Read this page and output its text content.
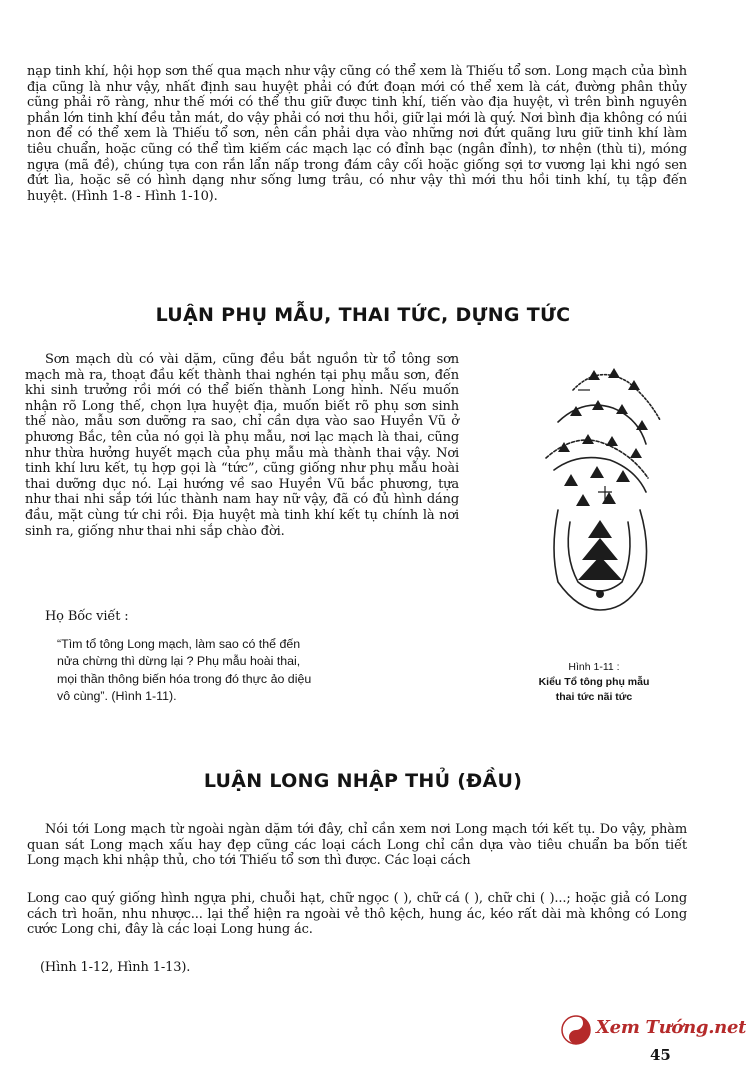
nạp tinh khí, hội họp sơn thế qua mạch như vậy cũng có thể xem là Thiếu tổ sơn. Long mạch của bình địa cũng là như vậy, nhất định sau huyệt phải có đứt đoạn mới có thể xem là cát, đường phân thủy cũng phải rõ ràng, như thế mới có thể thu giữ được tinh khí, tiến vào địa huyệt, vì trên bình nguyên phần lớn tinh khí đều tản mát, do vậy phải có nơi thu hồi, giữ lại mới là quý. Nơi bình địa không có núi non để có thể xem là Thiếu tổ sơn, nên cần phải dựa vào những nơi đứt quãng lưu giữ tinh khí làm tiêu chuẩn, hoặc cũng có thể tìm kiếm các mạch lạc có đỉnh bạc (ngân đỉnh), tơ nhện (thù ti), móng ngựa (mã đề), chúng tựa con rắn lẩn nấp trong đám cây cối hoặc giống sợi tơ vương lại khi ngó sen đứt lìa, hoặc sẽ có hình dạng như sống lưng trâu, có như vậy thì mới thu hồi tinh khí, tụ tập đến huyệt. (Hình 1-8 - Hình 1-10).

LUẬN PHỤ MẪU, THAI TỨC, DỰNG TỨC

Sơn mạch dù có vài dặm, cũng đều bắt nguồn từ tổ tông sơn mạch mà ra, thoạt đầu kết thành thai nghén tại phụ mẫu sơn, đến khi sinh trưởng rồi mới có thể biến thành Long hình. Nếu muốn nhận rõ Long thế, chọn lựa huyệt địa, muốn biết rõ phụ sơn sinh thế nào, mẫu sơn dưỡng ra sao, chỉ cần dựa vào sao Huyền Vũ ở phương Bắc, tên của nó gọi là phụ mẫu, nơi lạc mạch là thai, cũng như thừa hưởng huyết mạch của phụ mẫu mà thành thai vậy. Nơi tinh khí lưu kết, tụ hợp gọi là “tức”, cũng giống như phụ mẫu hoài thai dưỡng dục nó. Lại hướng về sao Huyền Vũ bắc phương, tựa như thai nhi sắp tới lúc thành nam hay nữ vậy, đã có đủ hình dáng đầu, mặt cùng tứ chi rồi. Địa huyệt mà tinh khí kết tụ chính là nơi sinh ra, giống như thai nhi sắp chào đời.

Họ Bốc viết :

“Tìm tổ tông Long mạch, làm sao có thể đến
nửa chừng thì dừng lại ? Phụ mẫu hoài thai,
mọi thần thông biến hóa trong đó thực ảo diệu
vô cùng”. (Hình 1-11).
Hình 1-11 :
Kiểu Tổ tông phụ mẫu
thai tức nãi tức
LUẬN LONG NHẬP THỦ (ĐẦU)

Nói tới Long mạch từ ngoài ngàn dặm tới đây, chỉ cần xem nơi Long mạch tới kết tụ. Do vậy, phàm quan sát Long mạch xấu hay đẹp cũng các loại cách Long chỉ cần dựa vào tiêu chuẩn ba bốn tiết Long mạch khi nhập thủ, cho tới Thiếu tổ sơn thì được. Các loại cách

Long cao quý giống hình ngựa phi, chuỗi hạt, chữ ngọc ( ), chữ cá ( ), chữ chi ( )...; hoặc giả có Long cách trì hoãn, nhu nhược... lại thể hiện ra ngoài vẻ thô kệch, hung ác, kéo rất dài mà không có Long cước Long chi, đây là các loại Long hung ác.

(Hình 1-12, Hình 1-13).

Xem Tướng.net

45
